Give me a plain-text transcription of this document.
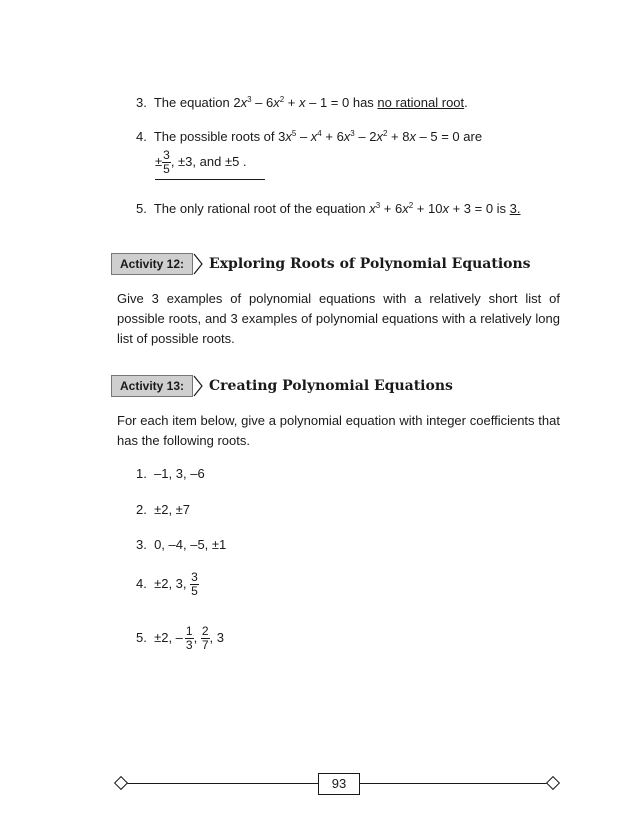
3. The equation $2x^3 - 6x^2 + x - 1 = 0$ has no rational root.
4. The possible roots of $3x^5 - x^4 + 6x^3 - 2x^2 + 8x - 5 = 0$ are
± $\frac{3}{5}$ , ±3, and ±5 .
5. The only rational root of the equation $x^3 + 6x^2 + 10x + 3 = 0$ is 3.
Activity 12:	Exploring Roots of Polynomial Equations
Give 3 examples of polynomial equations with a relatively short list of possible roots, and 3 examples of polynomial equations with a relatively long list of possible roots.
Activity 13:	Creating Polynomial Equations
For each item below, give a polynomial equation with integer coefficients that has the following roots.
1. –1, 3, –6
2. ±2, ±7
3. 0, –4, –5, ±1
4.
±2, 3, $\frac{3}{5}$
5.
±2, – $\frac{1}{3}$ , $\frac{2}{7}$ , 3
93
